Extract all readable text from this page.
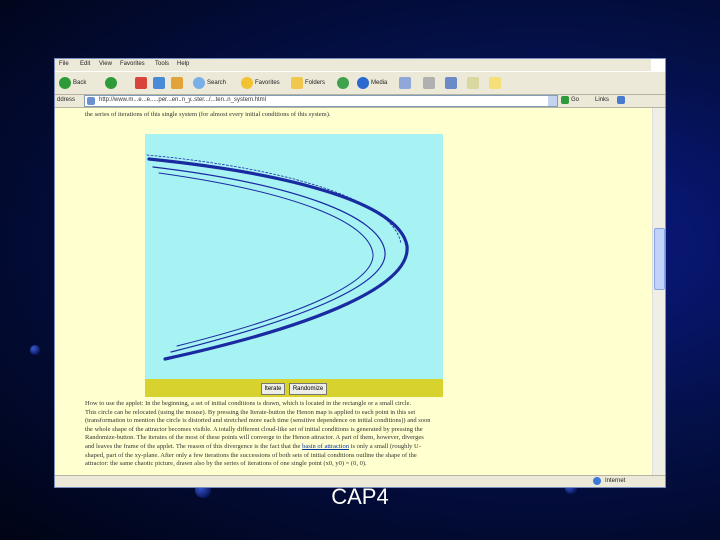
File Edit View Favorites Tools Help
Back	Search	Favorites	Folders	Media
ddress	http://www.m...e...e.....per...en..n_y..ster.../...ten..n_system.html	Go	Links
the series of iterations of this single system (for almost every initial conditions of this system).
Iterate	Randomize
How to use the applet: In the beginning, a set of initial conditions is drawn, which is located in the rectangle or a small circle.
This circle can be relocated (using the mouse). By pressing the Iterate-button the Henon map is applied to each point in this set
(transformation to mention the circle is distorted and stretched more each time (sensitive dependence on initial conditions)) and soon
the whole shape of the attractor becomes visible. A totally different cloud-like set of initial conditions is generated by pressing the
Randomize-button. The iterates of the most of these points will converge to the Henon attractor. A part of them, however, diverges
and leaves the frame of the applet. The reason of this divergence is the fact that the basin of attraction is only a small (roughly U-
shaped, part of the xy-plane. After only a few iterations the successions of both sets of initial conditions outline the shape of the
attractor: the same chaotic picture, drawn also by the series of iterations of one single point (x0, y0) = (0, 0).
Internet
CAP4
